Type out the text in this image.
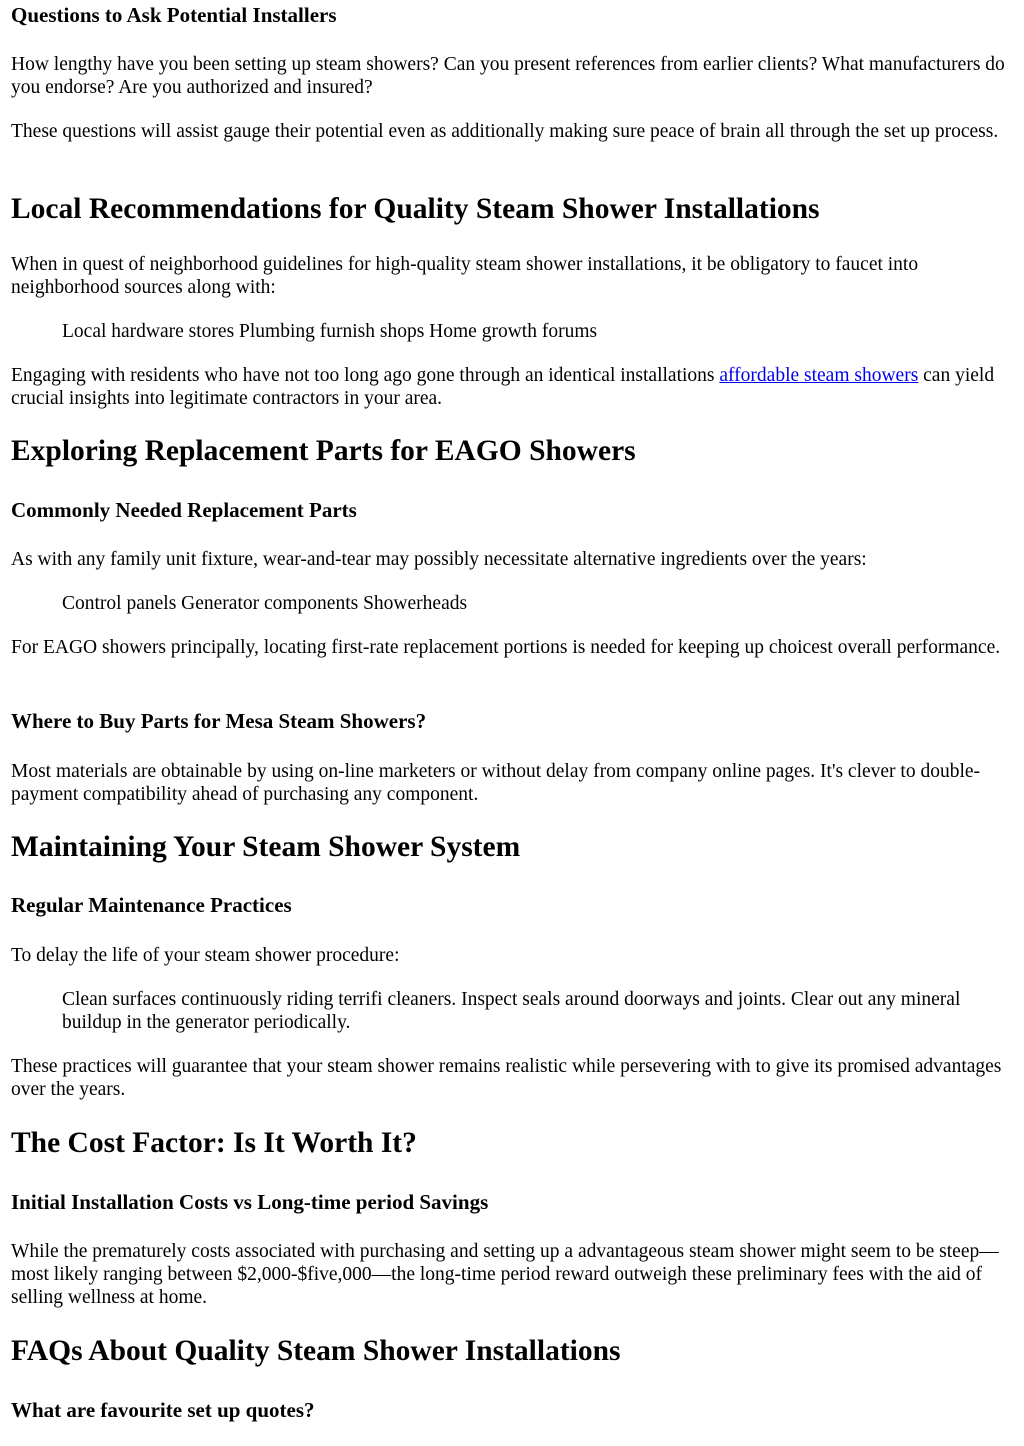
Questions to Ask Potential Installers

How lengthy have you been setting up steam showers? Can you present references from earlier clients? What manufacturers do you endorse? Are you authorized and insured?

These questions will assist gauge their potential even as additionally making sure peace of brain all through the set up process.

Local Recommendations for Quality Steam Shower Installations

When in quest of neighborhood guidelines for high-quality steam shower installations, it be obligatory to faucet into neighborhood sources along with:

Local hardware stores Plumbing furnish shops Home growth forums

Engaging with residents who have not too long ago gone through an identical installations affordable steam showers can yield crucial insights into legitimate contractors in your area.

Exploring Replacement Parts for EAGO Showers
Commonly Needed Replacement Parts

As with any family unit fixture, wear-and-tear may possibly necessitate alternative ingredients over the years:

Control panels Generator components Showerheads

For EAGO showers principally, locating first-rate replacement portions is needed for keeping up choicest overall performance.

Where to Buy Parts for Mesa Steam Showers?

Most materials are obtainable by using on-line marketers or without delay from company online pages. It's clever to double-payment compatibility ahead of purchasing any component.

Maintaining Your Steam Shower System
Regular Maintenance Practices

To delay the life of your steam shower procedure:

Clean surfaces continuously riding terrifi cleaners. Inspect seals around doorways and joints. Clear out any mineral buildup in the generator periodically.

These practices will guarantee that your steam shower remains realistic while persevering with to give its promised advantages over the years.

The Cost Factor: Is It Worth It?
Initial Installation Costs vs Long-time period Savings

While the prematurely costs associated with purchasing and setting up a advantageous steam shower might seem to be steep—most likely ranging between $2,000-$five,000—the long-time period reward outweigh these preliminary fees with the aid of selling wellness at home.

FAQs About Quality Steam Shower Installations
What are favourite set up quotes?
